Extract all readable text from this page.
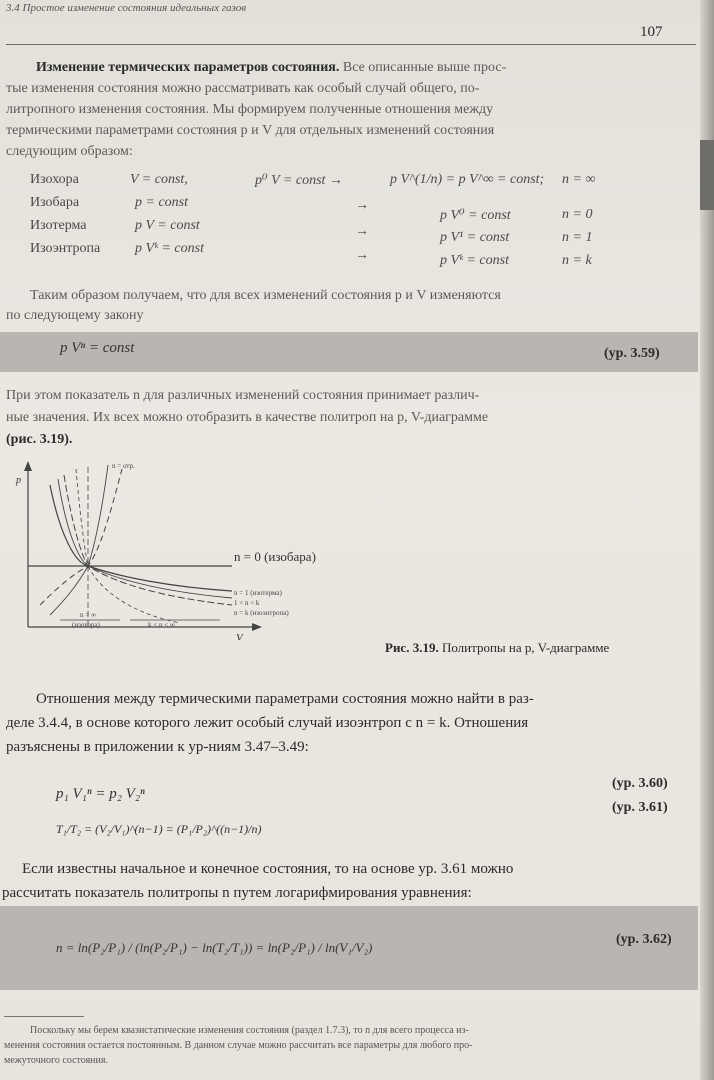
3.4 Простое изменение состояния идеальных газов
107
Изменение термических параметров состояния. Все описанные выше прос-
тые изменения состояния можно рассматривать как особый случай общего, по-
литропного изменения состояния. Мы формируем полученные отношения между
термическими параметрами состояния p и V для отдельных изменений состояния
следующим образом:
Изохора	V = const,	p⁰ V = const →	p V^(1/n) = p V^∞ = const; n = ∞
Изобара	p = const	→
p V⁰ = const	n = 0
Изотерма	p V = const	→	p V¹ = const	n = 1
Изоэнтропа p Vᵏ = const	→	p Vᵏ = const	n = k
Таким образом получаем, что для всех изменений состояния p и V изменяются
по следующему закону
p Vⁿ = const	(ур. 3.59)
При этом показатель n для различных изменений состояния принимает различ-
ные значения. Их всех можно отобразить в качестве политроп на p, V-диаграмме
(рис. 3.19).
p
V
n = отр.
n = 0 (изобара)
n = 1 (изотерма)
1 < n < k
n = k (изоэнтропа)
n = ∞
(изохора)	k < n < ∞
Рис. 3.19. Политропы на p, V-диаграмме
Отношения между термическими параметрами состояния можно найти в раз-
деле 3.4.4, в основе которого лежит особый случай изоэнтроп с n = k. Отношения
разъяснены в приложении к ур-ниям 3.47–3.49:
p₁ V₁ⁿ = p₂ V₂ⁿ
(ур. 3.60)
T₁/T₂ = (V₂/V₁)^(n−1) = (P₁/P₂)^((n−1)/n)
(ур. 3.61)
Если известны начальное и конечное состояния, то на основе ур. 3.61 можно
рассчитать показатель политропы n путем логарифмирования уравнения:
n = ln(P₂/P₁) / (ln(P₂/P₁) − ln(T₂/T₁)) = ln(P₂/P₁) / ln(V₁/V₂)
(ур. 3.62)
Поскольку мы берем квазистатические изменения состояния (раздел 1.7.3), то n для всего процесса из-
менения состояния остается постоянным. В данном случае можно рассчитать все параметры для любого про-
межуточного состояния.
